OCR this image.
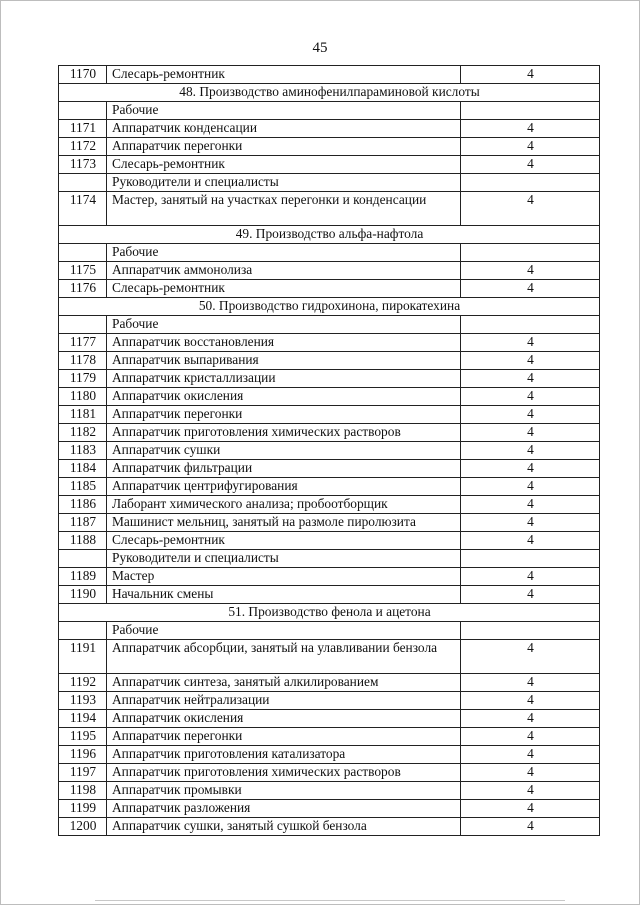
45
1170	Слесарь-ремонтник	4
48. Производство аминофенилпараминовой кислоты		
	Рабочие	
1171	Аппаратчик конденсации	4
1172	Аппаратчик перегонки	4
1173	Слесарь-ремонтник	4
	Руководители и специалисты	
1174	Мастер, занятый на участках перегонки и конденсации	4
49. Производство альфа-нафтола		
	Рабочие	
1175	Аппаратчик аммонолиза	4
1176	Слесарь-ремонтник	4
50. Производство гидрохинона, пирокатехина		
	Рабочие	
1177	Аппаратчик восстановления	4
1178	Аппаратчик выпаривания	4
1179	Аппаратчик кристаллизации	4
1180	Аппаратчик окисления	4
1181	Аппаратчик перегонки	4
1182	Аппаратчик приготовления химических растворов	4
1183	Аппаратчик сушки	4
1184	Аппаратчик фильтрации	4
1185	Аппаратчик центрифугирования	4
1186	Лаборант химического анализа; пробоотборщик	4
1187	Машинист мельниц, занятый на размоле пиролюзита	4
1188	Слесарь-ремонтник	4
	Руководители и специалисты	
1189	Мастер	4
1190	Начальник смены	4
51. Производство фенола и ацетона		
	Рабочие	
1191	Аппаратчик абсорбции, занятый на улавливании бензола	4
1192	Аппаратчик синтеза, занятый алкилированием	4
1193	Аппаратчик нейтрализации	4
1194	Аппаратчик окисления	4
1195	Аппаратчик перегонки	4
1196	Аппаратчик приготовления катализатора	4
1197	Аппаратчик приготовления химических растворов	4
1198	Аппаратчик промывки	4
1199	Аппаратчик разложения	4
1200	Аппаратчик сушки, занятый сушкой бензола	4
